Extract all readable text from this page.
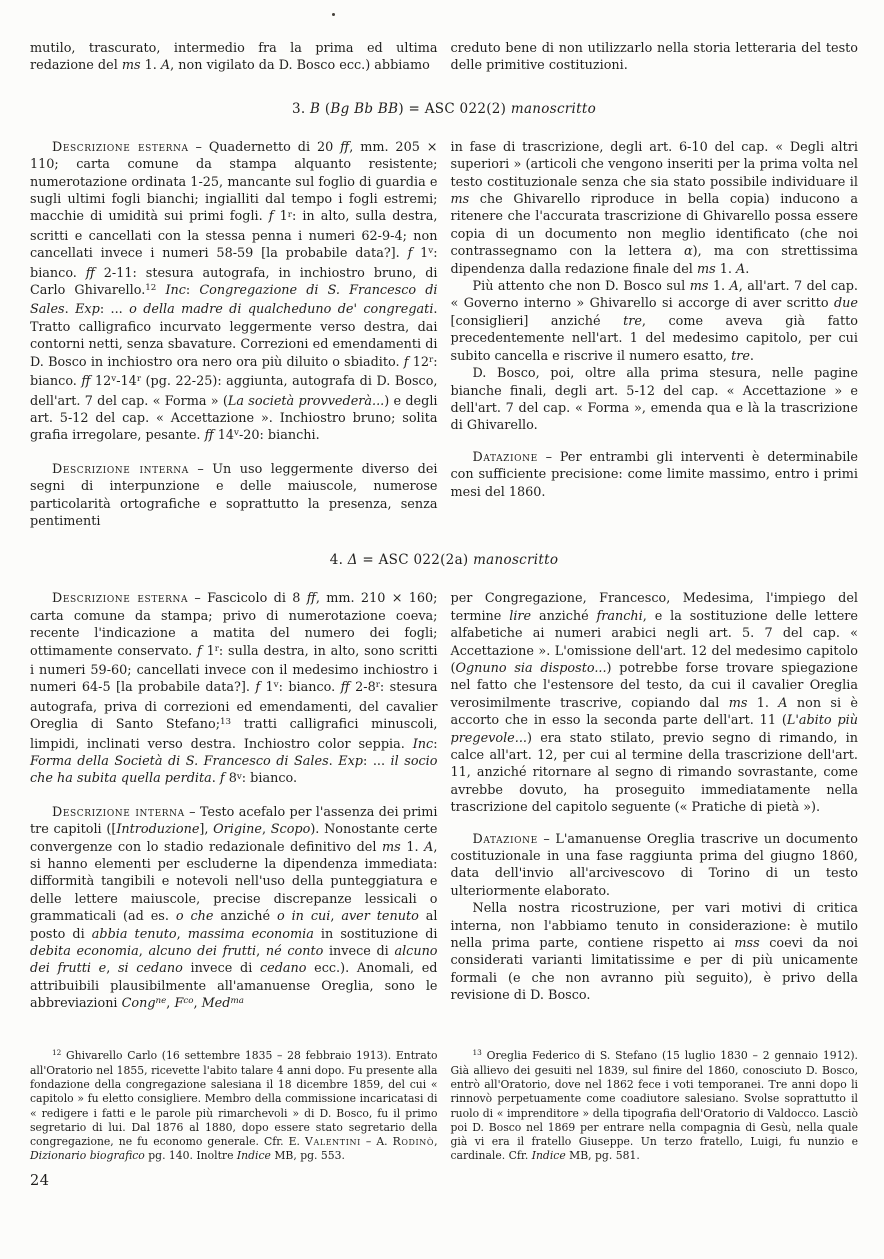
mutilo, trascurato, intermedio fra la prima ed ultima redazione del ms 1. A, non vigilato da D. Bosco ecc.) abbiamo

creduto bene di non utilizzarlo nella storia letteraria del testo delle primitive costituzioni.

3. B (Bg Bb BB) = ASC 022(2) manoscritto

Descrizione esterna – Quadernetto di 20 ff, mm. 205 × 110; carta comune da stampa alquanto resistente; numerotazione ordinata 1-25, mancante sul foglio di guardia e sugli ultimi fogli bianchi; ingialliti dal tempo i fogli estremi; macchie di umidità sui primi fogli. f 1$^r$: in alto, sulla destra, scritti e cancellati con la stessa penna i numeri 62-9-4; non cancellati invece i numeri 58-59 [la probabile data?]. f 1$^v$: bianco. ff 2-11: stesura autografa, in inchiostro bruno, di Carlo Ghivarello.$^{12}$ Inc: Congregazione di S. Francesco di Sales. Exp: ... o della madre di qualcheduno de' congregati. Tratto calligrafico incurvato leggermente verso destra, dai contorni netti, senza sbavature. Correzioni ed emendamenti di D. Bosco in inchiostro ora nero ora più diluito o sbiadito. f 12$^r$: bianco. ff 12$^v$-14$^r$ (pg. 22-25): aggiunta, autografa di D. Bosco, dell'art. 7 del cap. « Forma » (La società provvederà...) e degli art. 5-12 del cap. « Accettazione ». Inchiostro bruno; solita grafia irregolare, pesante. ff 14$^v$-20: bianchi.

Descrizione interna – Un uso leggermente diverso dei segni di interpunzione e delle maiuscole, numerose particolarità ortografiche e soprattutto la presenza, senza pentimenti

in fase di trascrizione, degli art. 6-10 del cap. « Degli altri superiori » (articoli che vengono inseriti per la prima volta nel testo costituzionale senza che sia stato possibile individuare il ms che Ghivarello riproduce in bella copia) inducono a ritenere che l'accurata trascrizione di Ghivarello possa essere copia di un documento non meglio identificato (che noi contrassegnamo con la lettera α), ma con strettissima dipendenza dalla redazione finale del ms 1. A.

Più attento che non D. Bosco sul ms 1. A, all'art. 7 del cap. « Governo interno » Ghivarello si accorge di aver scritto due [consiglieri] anziché tre, come aveva già fatto precedentemente nell'art. 1 del medesimo capitolo, per cui subito cancella e riscrive il numero esatto, tre.

D. Bosco, poi, oltre alla prima stesura, nelle pagine bianche finali, degli art. 5-12 del cap. « Accettazione » e dell'art. 7 del cap. « Forma », emenda qua e là la trascrizione di Ghivarello.

Datazione – Per entrambi gli interventi è determinabile con sufficiente precisione: come limite massimo, entro i primi mesi del 1860.

4. Δ = ASC 022(2a) manoscritto

Descrizione esterna – Fascicolo di 8 ff, mm. 210 × 160; carta comune da stampa; privo di numerotazione coeva; recente l'indicazione a matita del numero dei fogli; ottimamente conservato. f 1$^r$: sulla destra, in alto, sono scritti i numeri 59-60; cancellati invece con il medesimo inchiostro i numeri 64-5 [la probabile data?]. f 1$^v$: bianco. ff 2-8$^r$: stesura autografa, priva di correzioni ed emendamenti, del cavalier Oreglia di Santo Stefano;$^{13}$ tratti calligrafici minuscoli, limpidi, inclinati verso destra. Inchiostro color seppia. Inc: Forma della Società di S. Francesco di Sales. Exp: ... il socio che ha subita quella perdita. f 8$^v$: bianco.

Descrizione interna – Testo acefalo per l'assenza dei primi tre capitoli ([Introduzione], Origine, Scopo). Nonostante certe convergenze con lo stadio redazionale definitivo del ms 1. A, si hanno elementi per escluderne la dipendenza immediata: difformità tangibili e notevoli nell'uso della punteggiatura e delle lettere maiuscole, precise discrepanze lessicali o grammaticali (ad es. o che anziché o in cui, aver tenuto al posto di abbia tenuto, massima economia in sostituzione di debita economia, alcuno dei frutti, né conto invece di alcuno dei frutti e, si cedano invece di cedano ecc.). Anomali, ed attribuibili plausibilmente all'amanuense Oreglia, sono le abbreviazioni Cong$^{ne}$, $F^{co}$, Med$^{ma}$

per Congregazione, Francesco, Medesima, l'impiego del termine lire anziché franchi, e la sostituzione delle lettere alfabetiche ai numeri arabici negli art. 5. 7 del cap. « Accettazione ». L'omissione dell'art. 12 del medesimo capitolo (Ognuno sia disposto...) potrebbe forse trovare spiegazione nel fatto che l'estensore del testo, da cui il cavalier Oreglia verosimilmente trascrive, copiando dal ms 1. A non si è accorto che in esso la seconda parte dell'art. 11 (L'abito più pregevole...) era stato stilato, previo segno di rimando, in calce all'art. 12, per cui al termine della trascrizione dell'art. 11, anziché ritornare al segno di rimando sovrastante, come avrebbe dovuto, ha proseguito immediatamente nella trascrizione del capitolo seguente (« Pratiche di pietà »).

Datazione – L'amanuense Oreglia trascrive un documento costituzionale in una fase raggiunta prima del giugno 1860, data dell'invio all'arcivescovo di Torino di un testo ulteriormente elaborato.

Nella nostra ricostruzione, per vari motivi di critica interna, non l'abbiamo tenuto in considerazione: è mutilo nella prima parte, contiene rispetto ai mss coevi da noi considerati varianti limitatissime e per di più unicamente formali (e che non avranno più seguito), è privo della revisione di D. Bosco.

$^{12}$ Ghivarello Carlo (16 settembre 1835 – 28 febbraio 1913). Entrato all'Oratorio nel 1855, ricevette l'abito talare 4 anni dopo. Fu presente alla fondazione della congregazione salesiana il 18 dicembre 1859, del cui « capitolo » fu eletto consigliere. Membro della commissione incaricatasi di « redigere i fatti e le parole più rimarchevoli » di D. Bosco, fu il primo segretario di lui. Dal 1876 al 1880, dopo essere stato segretario della congregazione, ne fu economo generale. Cfr. E. Valentini – A. Rodinò, Dizionario biografico pg. 140. Inoltre Indice MB, pg. 553.

$^{13}$ Oreglia Federico di S. Stefano (15 luglio 1830 – 2 gennaio 1912). Già allievo dei gesuiti nel 1839, sul finire del 1860, conosciuto D. Bosco, entrò all'Oratorio, dove nel 1862 fece i voti temporanei. Tre anni dopo li rinnovò perpetuamente come coadiutore salesiano. Svolse soprattutto il ruolo di « imprenditore » della tipografia dell'Oratorio di Valdocco. Lasciò poi D. Bosco nel 1869 per entrare nella compagnia di Gesù, nella quale già vi era il fratello Giuseppe. Un terzo fratello, Luigi, fu nunzio e cardinale. Cfr. Indice MB, pg. 581.

24
